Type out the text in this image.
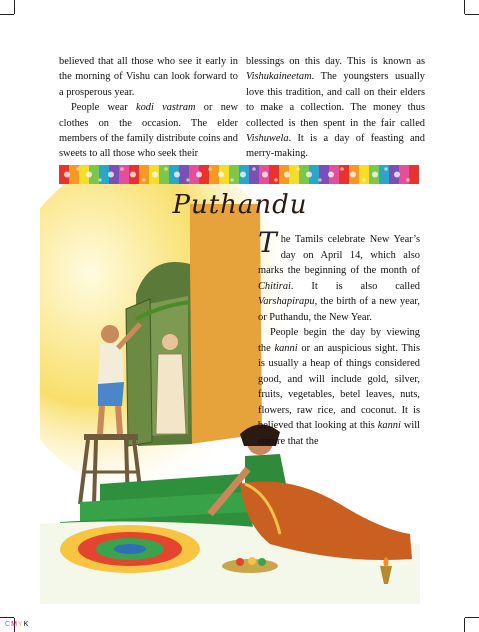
believed that all those who see it early in the morning of Vishu can look forward to a prosperous year.

People wear kodi vastram or new clothes on the occasion. The elder members of the family distribute coins and sweets to all those who seek their

blessings on this day. This is known as Vishukaineetam. The youngsters usually love this tradition, and call on their elders to make a collection. The money thus collected is then spent in the fair called Vishuwela. It is a day of feasting and merry-making.

Puthandu

The Tamils celebrate New Year’s day on April 14, which also marks the beginning of the month of Chitirai. It is also called Varshapirapu, the birth of a new year, or Puthandu, the New Year.

People begin the day by viewing the kanni or an auspicious sight. This is usually a heap of things considered good, and will include gold, silver, fruits, vegetables, betel leaves, nuts, flowers, raw rice, and coconut. It is believed that looking at this kanni will ensure that the

CMYK
